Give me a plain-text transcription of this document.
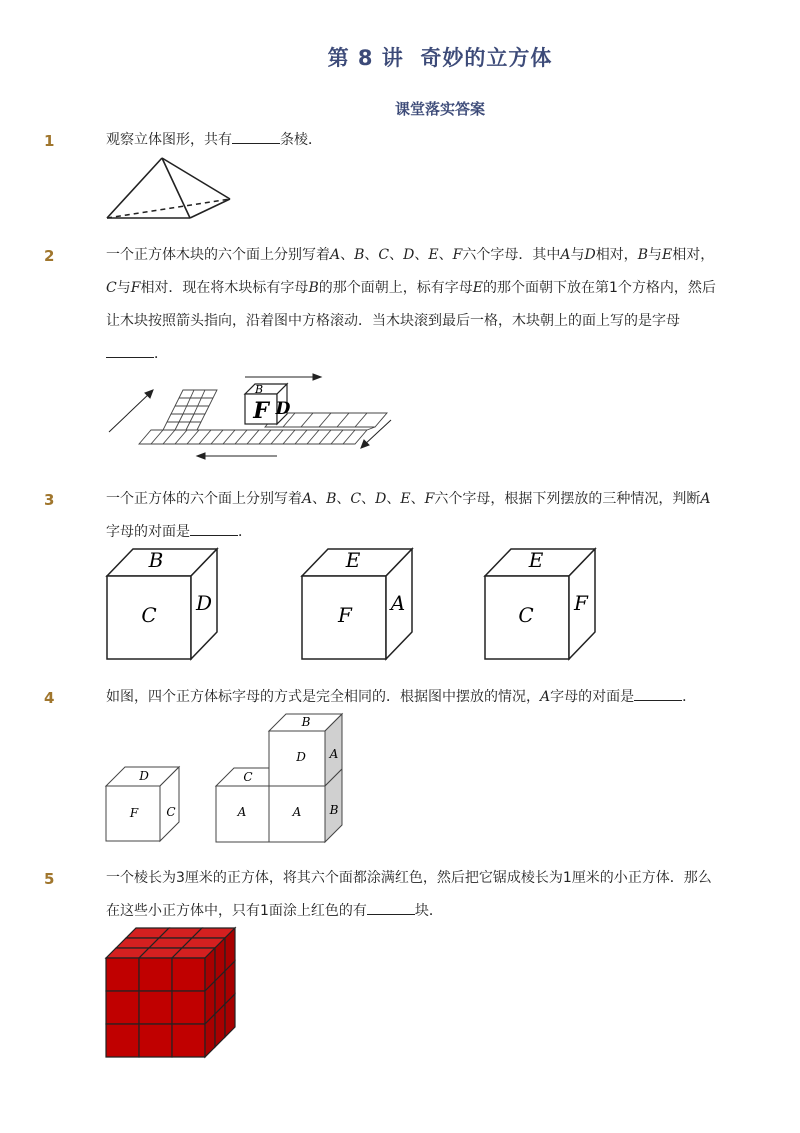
第 8 讲 奇妙的立方体
课堂落实答案
1	观察立体图形，共有	条棱．
2	一个正方体木块的六个面上分别写着A、B、C、D、E、F六个字母．其中A与D相对，B与E相对，C与F相对．现在将木块标有字母B的那个面朝上，标有字母E的那个面朝下放在第1个方格内，然后让木块按照箭头指向，沿着图中方格滚动．当木块滚到最后一格，木块朝上的面上写的是字母．
B
F D
3	一个正方体的六个面上分别写着A、B、C、D、E、F六个字母，根据下列摆放的三种情况，判断A字母的对面是	．
B
C D
E
F A
E
C F
4	如图，四个正方体标字母的方式是完全相同的．根据图中摆放的情况，A字母的对面是	．
D
F C
B
D A
C
A	A B
5	一个棱长为3厘米的正方体，将其六个面都涂满红色，然后把它锯成棱长为1厘米的小正方体．那么在这些小正方体中，只有1面涂上红色的有	块．
